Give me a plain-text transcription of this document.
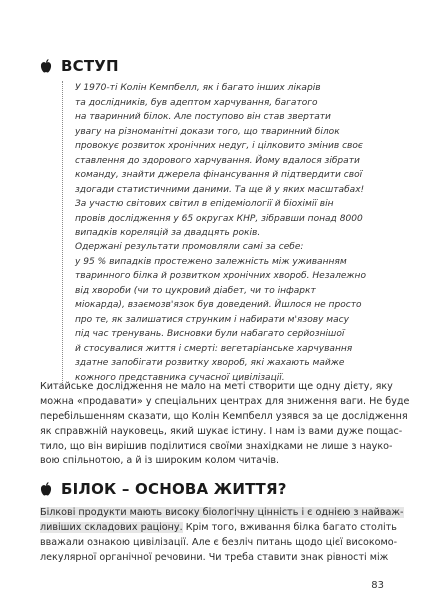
ВСТУП
У 1970-ті Колін Кемпбелл, як і багато інших лікарів
та дослідників, був адептом харчування, багатого
на тваринний білок. Але поступово він став звертати
увагу на різноманітні докази того, що тваринний білок
провокує розвиток хронічних недуг, і цілковито змінив своє
ставлення до здорового харчування. Йому вдалося зібрати
команду, знайти джерела фінансування й підтвердити свої
здогади статистичними даними. Та ще й у яких масштабах!
За участю світових світил в епідеміології й біохімії він
провів дослідження у 65 округах КНР, зібравши понад 8000
випадків кореляцій за двадцять років.
Одержані результати промовляли самі за себе:
у 95 % випадків простежено залежність між уживанням
тваринного білка й розвитком хронічних хвороб. Незалежно
від хвороби (чи то цукровий діабет, чи то інфаркт
міокарда), взаємозв'язок був доведений. Йшлося не просто
про те, як залишатися струнким і набирати м'язову масу
під час тренувань. Висновки були набагато серйознішої
й стосувалися життя і смерті: вегетаріанське харчування
здатне запобігати розвитку хвороб, які жахають майже
кожного представника сучасної цивілізації.
Китайське дослідження не мало на меті створити ще одну дієту, яку
можна «продавати» у спеціальних центрах для зниження ваги. Не буде
перебільшенням сказати, що Колін Кемпбелл узявся за це дослідження
як справжній науковець, який шукає істину. І нам із вами дуже пощас-
тило, що він вирішив поділитися своїми знахідками не лише з науко-
вою спільнотою, а й із широким колом читачів.
БІЛОК – ОСНОВА ЖИТТЯ?
Білкові продукти мають високу біологічну цінність і є однією з найваж-
ливіших складових раціону. Крім того, вживання білка багато століть
вважали ознакою цивілізації. Але є безліч питань щодо цієї високомо-
лекулярної органічної речовини. Чи треба ставити знак рівності між
83
